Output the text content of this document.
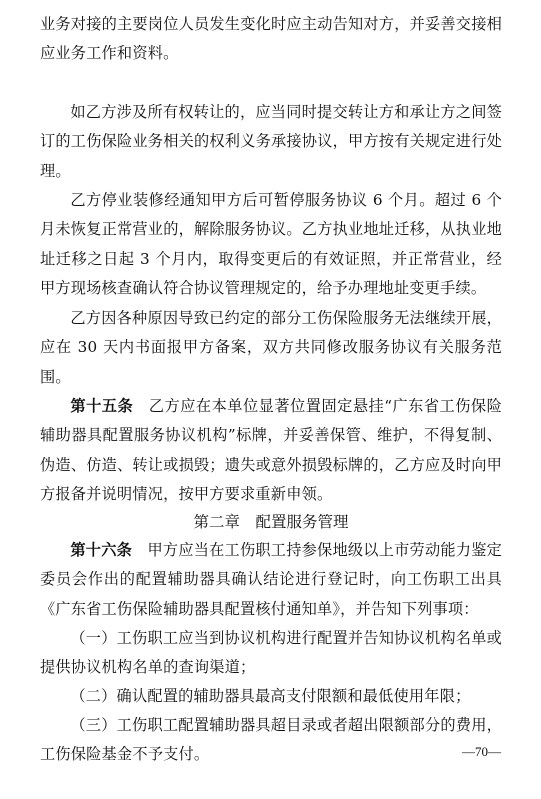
业务对接的主要岗位人员发生变化时应主动告知对方，并妥善交接相应业务工作和资料。

如乙方涉及所有权转让的，应当同时提交转让方和承让方之间签订的工伤保险业务相关的权利义务承接协议，甲方按有关规定进行处理。

乙方停业装修经通知甲方后可暂停服务协议 6 个月。超过 6 个月未恢复正常营业的，解除服务协议。乙方执业地址迁移，从执业地址迁移之日起 3 个月内，取得变更后的有效证照，并正常营业，经甲方现场核查确认符合协议管理规定的，给予办理地址变更手续。

乙方因各种原因导致已约定的部分工伤保险服务无法继续开展，应在 30 天内书面报甲方备案，双方共同修改服务协议有关服务范围。

第十五条　 乙方应在本单位显著位置固定悬挂“广东省工伤保险辅助器具配置服务协议机构”标牌，并妥善保管、维护，不得复制、伪造、仿造、转让或损毁；遗失或意外损毁标牌的，乙方应及时向甲方报备并说明情况，按甲方要求重新申领。

第二章　配置服务管理

第十六条　 甲方应当在工伤职工持参保地级以上市劳动能力鉴定委员会作出的配置辅助器具确认结论进行登记时，向工伤职工出具《广东省工伤保险辅助器具配置核付通知单》，并告知下列事项：

（一）工伤职工应当到协议机构进行配置并告知协议机构名单或提供协议机构名单的查询渠道；

（二）确认配置的辅助器具最高支付限额和最低使用年限；

（三）工伤职工配置辅助器具超目录或者超出限额部分的费用，工伤保险基金不予支付。	—70—
